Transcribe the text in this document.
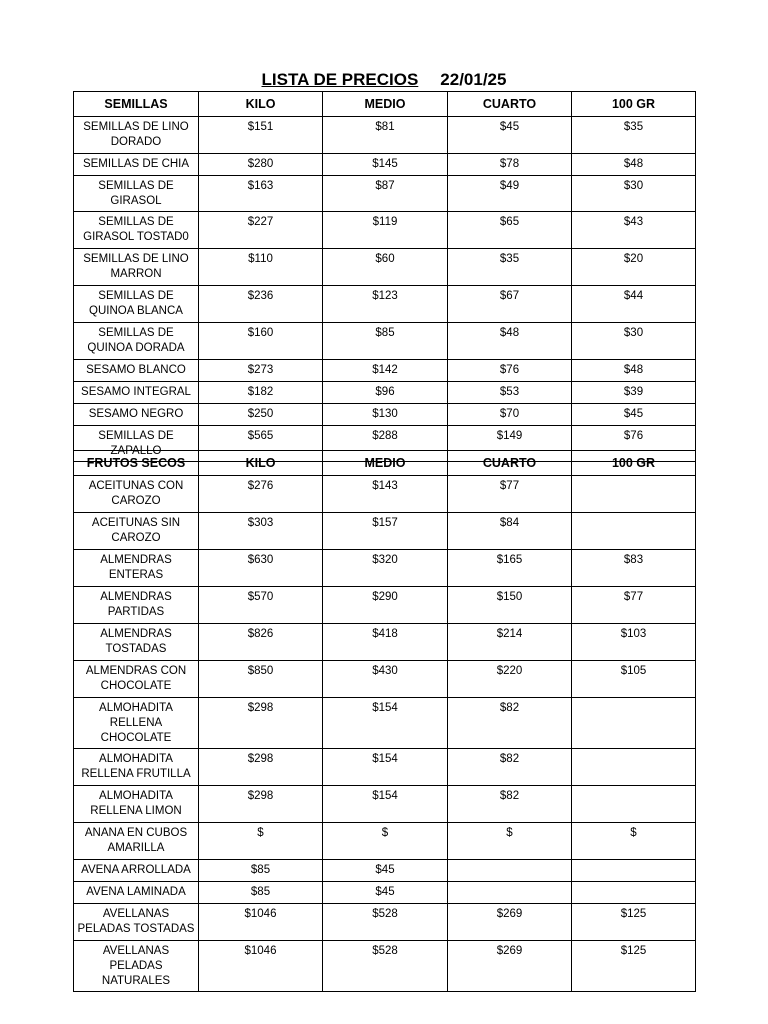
LISTA DE PRECIOS 22/01/25
SEMILLAS	KILO	MEDIO	CUARTO	100 GR
SEMILLAS DE LINO DORADO	$151	$81	$45	$35
SEMILLAS DE CHIA	$280	$145	$78	$48
SEMILLAS DE GIRASOL	$163	$87	$49	$30
SEMILLAS DE GIRASOL TOSTAD0	$227	$119	$65	$43
SEMILLAS DE LINO MARRON	$110	$60	$35	$20
SEMILLAS DE QUINOA BLANCA	$236	$123	$67	$44
SEMILLAS DE QUINOA DORADA	$160	$85	$48	$30
SESAMO BLANCO	$273	$142	$76	$48
SESAMO INTEGRAL	$182	$96	$53	$39
SESAMO NEGRO	$250	$130	$70	$45
SEMILLAS DE ZAPALLO	$565	$288	$149	$76
FRUTOS SECOS	KILO	MEDIO	CUARTO	100 GR
ACEITUNAS CON CAROZO	$276	$143	$77	
ACEITUNAS SIN CAROZO	$303	$157	$84	
ALMENDRAS ENTERAS	$630	$320	$165	$83
ALMENDRAS PARTIDAS	$570	$290	$150	$77
ALMENDRAS TOSTADAS	$826	$418	$214	$103
ALMENDRAS CON CHOCOLATE	$850	$430	$220	$105
ALMOHADITA RELLENA CHOCOLATE	$298	$154	$82	
ALMOHADITA RELLENA FRUTILLA	$298	$154	$82	
ALMOHADITA RELLENA LIMON	$298	$154	$82	
ANANA EN CUBOS AMARILLA	$	$	$	$
AVENA ARROLLADA	$85	$45		
AVENA LAMINADA	$85	$45		
AVELLANAS PELADAS TOSTADAS	$1046	$528	$269	$125
AVELLANAS PELADAS NATURALES	$1046	$528	$269	$125
